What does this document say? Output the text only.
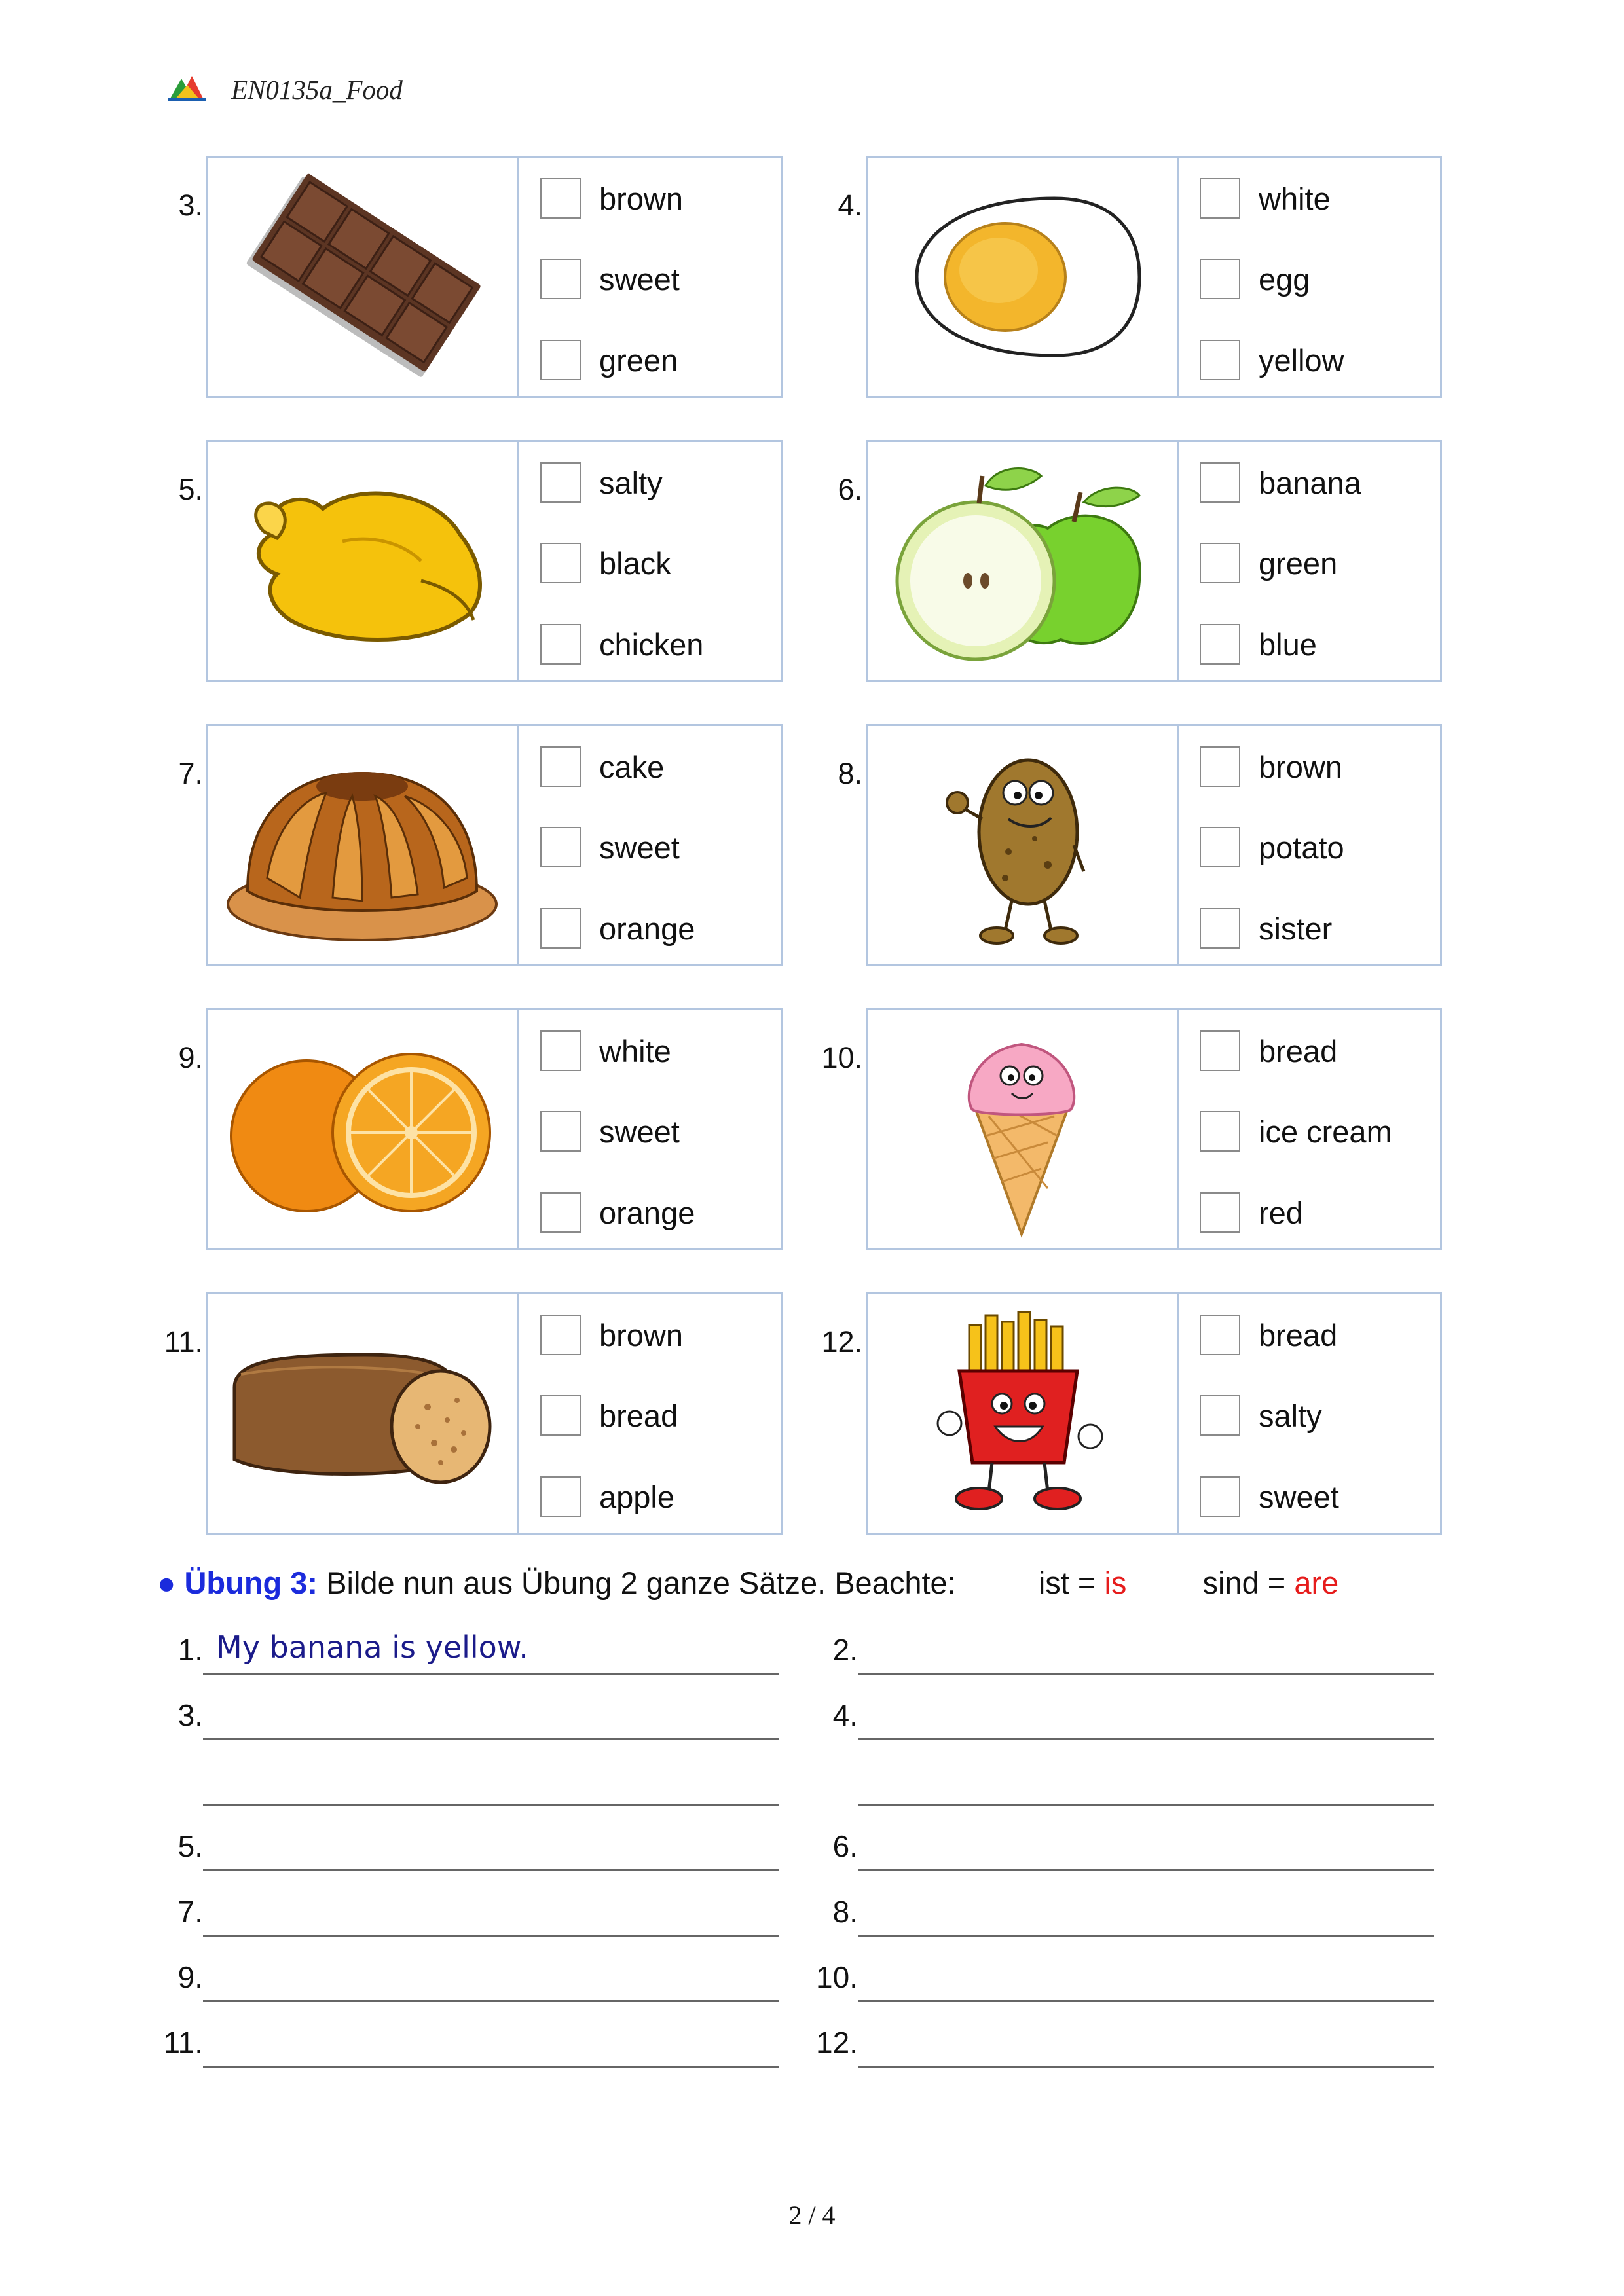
EN0135a_Food
3.	brown
sweet
green
4.	white
egg
yellow
5.	salty
black
chicken
6.	banana
green
blue
7.	cake
sweet
orange
8.	brown
potato
sister
9.	white
sweet
orange
10.	bread
ice cream
red
11.	brown
bread
apple
12.	bread
salty
sweet
● Übung 3: Bilde nun aus Übung 2 ganze Sätze. Beachte:	ist = is sind = are
1. My banana is yellow.
3.
5.
7.
9.
11.
2.
4.
6.
8.
10.
12.
2 / 4
